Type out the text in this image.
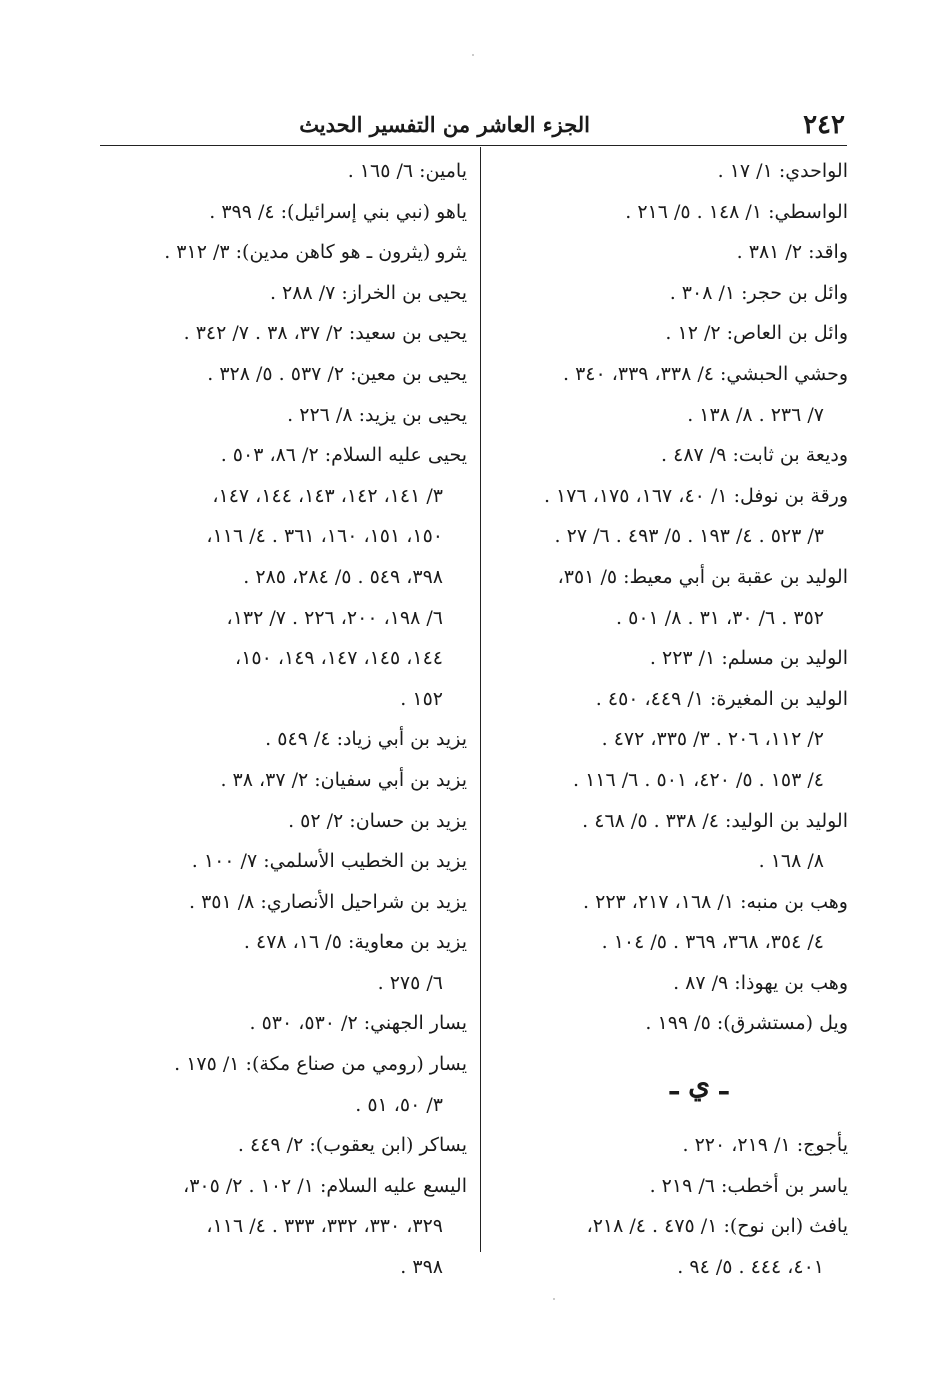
٢٤٢
الجزء العاشر من التفسير الحديث
الواحدي: ١/ ١٧ .
الواسطي: ١/ ١٤٨ . ٥/ ٢١٦ .
واقد: ٢/ ٣٨١ .
وائل بن حجر: ١/ ٣٠٨ .
وائل بن العاص: ٢/ ١٢ .
وحشي الحبشي: ٤/ ٣٣٨، ٣٣٩، ٣٤٠ .
٧/ ٢٣٦ . ٨/ ١٣٨ .
وديعة بن ثابت: ٩/ ٤٨٧ .
ورقة بن نوفل: ١/ ٤٠، ١٦٧، ١٧٥، ١٧٦ .
٣/ ٥٢٣ . ٤/ ١٩٣ . ٥/ ٤٩٣ . ٦/ ٢٧ .
الوليد بن عقبة بن أبي معيط: ٥/ ٣٥١،
٣٥٢ . ٦/ ٣٠، ٣١ . ٨/ ٥٠١ .
الوليد بن مسلم: ١/ ٢٢٣ .
الوليد بن المغيرة: ١/ ٤٤٩، ٤٥٠ .
٢/ ١١٢، ٢٠٦ . ٣/ ٣٣٥، ٤٧٢ .
٤/ ١٥٣ . ٥/ ٤٢٠، ٥٠١ . ٦/ ١١٦ .
الوليد بن الوليد: ٤/ ٣٣٨ . ٥/ ٤٦٨ .
٨/ ١٦٨ .
وهب بن منبه: ١/ ١٦٨، ٢١٧، ٢٢٣ .
٤/ ٣٥٤، ٣٦٨، ٣٦٩ . ٥/ ١٠٤ .
وهب بن يهوذا: ٩/ ٨٧ .
ويل (مستشرق): ٥/ ١٩٩ .
ـ ي ـ
يأجوج: ١/ ٢١٩، ٢٢٠ .
ياسر بن أخطب: ٦/ ٢١٩ .
يافث (ابن نوح): ١/ ٤٧٥ . ٤/ ٢١٨،
٤٠١، ٤٤٤ . ٥/ ٩٤ .
يامين: ٦/ ١٦٥ .
ياهو (نبي بني إسرائيل): ٤/ ٣٩٩ .
يثرو (يثرون ـ هو كاهن مدين): ٣/ ٣١٢ .
يحيى بن الخراز: ٧/ ٢٨٨ .
يحيى بن سعيد: ٢/ ٣٧، ٣٨ . ٧/ ٣٤٢ .
يحيى بن معين: ٢/ ٥٣٧ . ٥/ ٣٢٨ .
يحيى بن يزيد: ٨/ ٢٢٦ .
يحيى عليه السلام: ٢/ ٨٦، ٥٠٣ .
٣/ ١٤١، ١٤٢، ١٤٣، ١٤٤، ١٤٧،
١٥٠، ١٥١، ١٦٠، ٣٦١ . ٤/ ١١٦،
٣٩٨، ٥٤٩ . ٥/ ٢٨٤، ٢٨٥ .
٦/ ١٩٨، ٢٠٠، ٢٢٦ . ٧/ ١٣٢،
١٤٤، ١٤٥، ١٤٧، ١٤٩، ١٥٠،
١٥٢ .
يزيد بن أبي زياد: ٤/ ٥٤٩ .
يزيد بن أبي سفيان: ٢/ ٣٧، ٣٨ .
يزيد بن حسان: ٢/ ٥٢ .
يزيد بن الخطيب الأسلمي: ٧/ ١٠٠ .
يزيد بن شراحيل الأنصاري: ٨/ ٣٥١ .
يزيد بن معاوية: ٥/ ١٦، ٤٧٨ .
٦/ ٢٧٥ .
يسار الجهني: ٢/ ٥٣٠، ٥٣٠ .
يسار (رومي من صناع مكة): ١/ ١٧٥ .
٣/ ٥٠، ٥١ .
يساكر (ابن يعقوب): ٢/ ٤٤٩ .
اليسع عليه السلام: ١/ ١٠٢ . ٢/ ٣٠٥،
٣٢٩، ٣٣٠، ٣٣٢، ٣٣٣ . ٤/ ١١٦،
٣٩٨ .
